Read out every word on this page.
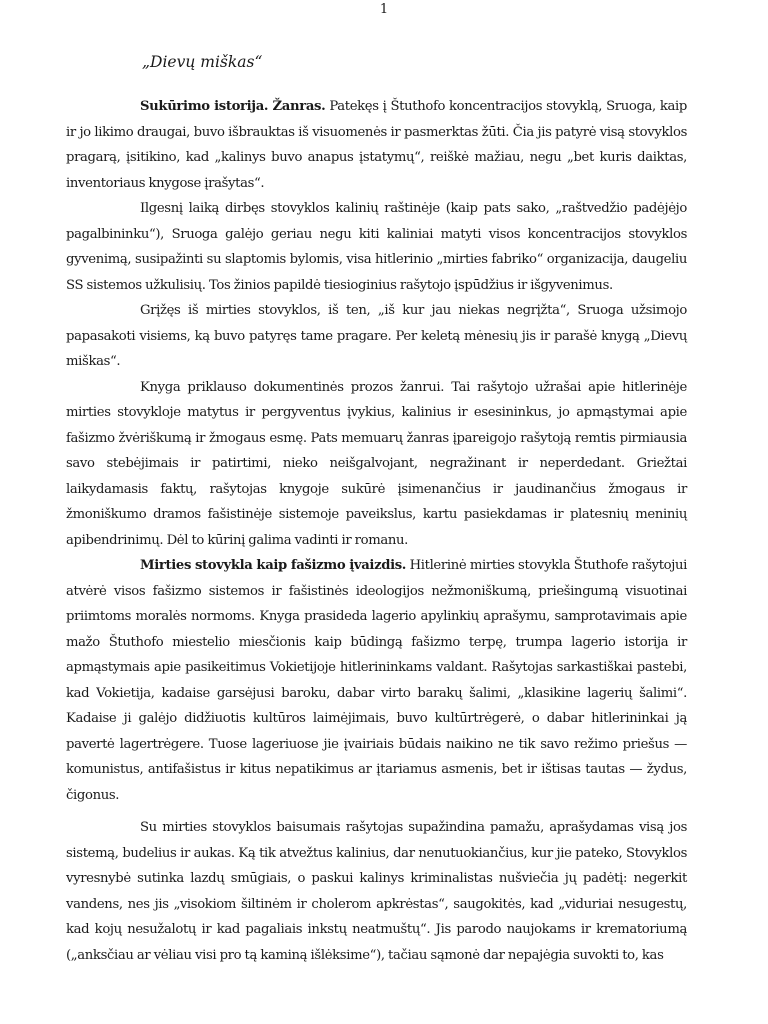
1
„Dievų miškas“

Sukūrimo istorija. Žanras. Patekęs į Štuthofo koncentracijos stovyklą, Sruoga, kaip ir jo likimo draugai, buvo išbrauktas iš visuomenės ir pasmerktas žūti. Čia jis patyrė visą stovyklos pragarą, įsitikino, kad „kalinys buvo anapus įstatymų“, reiškė mažiau, negu „bet kuris daiktas, inventoriaus knygose įrašytas“.

Ilgesnį laiką dirbęs stovyklos kalinių raštinėje (kaip pats sako, „raštvedžio padėjėjo pagalbininku“), Sruoga galėjo geriau negu kiti kaliniai matyti visos koncentracijos stovyklos gyvenimą, susipažinti su slaptomis bylomis, visa hitlerinio „mirties fabriko“ organizacija, daugeliu SS sistemos užkulisių. Tos žinios papildė tiesioginius rašytojo įspūdžius ir išgyvenimus.

Grįžęs iš mirties stovyklos, iš ten, „iš kur jau niekas negrįžta“, Sruoga užsimojo papasakoti visiems, ką buvo patyręs tame pragare. Per keletą mėnesių jis ir parašė knygą „Dievų miškas“.

Knyga priklauso dokumentinės prozos žanrui. Tai rašytojo užrašai apie hitlerinėje mirties stovykloje matytus ir pergyventus įvykius, kalinius ir esesininkus, jo apmąstymai apie fašizmo žvėriškumą ir žmogaus esmę. Pats memuarų žanras įpareigojo rašytoją remtis pirmiausia savo stebėjimais ir patirtimi, nieko neišgalvojant, negražinant ir neperdedant. Griežtai laikydamasis faktų, rašytojas knygoje sukūrė įsimenančius ir jaudinančius žmogaus ir žmoniškumo dramos fašistinėje sistemoje paveikslus, kartu pasiekdamas ir platesnių meninių apibendrinimų. Dėl to kūrinį galima vadinti ir romanu.

Mirties stovykla kaip fašizmo įvaizdis. Hitlerinė mirties stovykla Štuthofe rašytojui atvėrė visos fašizmo sistemos ir fašistinės ideologijos nežmoniškumą, priešingumą visuotinai priimtoms moralės normoms. Knyga prasideda lagerio apylinkių aprašymu, samprotavimais apie mažo Štuthofo miestelio miesčionis kaip būdingą fašizmo terpę, trumpa lagerio istorija ir apmąstymais apie pasikeitimus Vokietijoje hitlerininkams valdant. Rašytojas sarkastiškai pastebi, kad Vokietija, kadaise garsėjusi baroku, dabar virto barakų šalimi, „klasikine lagerių šalimi“. Kadaise ji galėjo didžiuotis kultūros laimėjimais, buvo kultūrtrėgerė, o dabar hitlerininkai ją pavertė lagertrėgere. Tuose lageriuose jie įvairiais būdais naikino ne tik savo režimo priešus — komunistus, antifašistus ir kitus nepatikimus ar įtariamus asmenis, bet ir ištisas tautas — žydus, čigonus.

Su mirties stovyklos baisumais rašytojas supažindina pamažu, aprašydamas visą jos sistemą, budelius ir aukas. Ką tik atvežtus kalinius, dar nenutuokiančius, kur jie pateko, Stovyklos vyresnybė sutinka lazdų smūgiais, o paskui kalinys kriminalistas nušviečia jų padėtį: negerkit vandens, nes jis „visokiom šiltinėm ir cholerom apkrėstas“, saugokitės, kad „viduriai nesugestų, kad kojų nesužalotų ir kad pagaliais inkstų neatmuštų“. Jis parodo naujokams ir krematoriumą („anksčiau ar vėliau visi pro tą kaminą išlėksime“), tačiau sąmonė dar nepajėgia suvokti to, kas
